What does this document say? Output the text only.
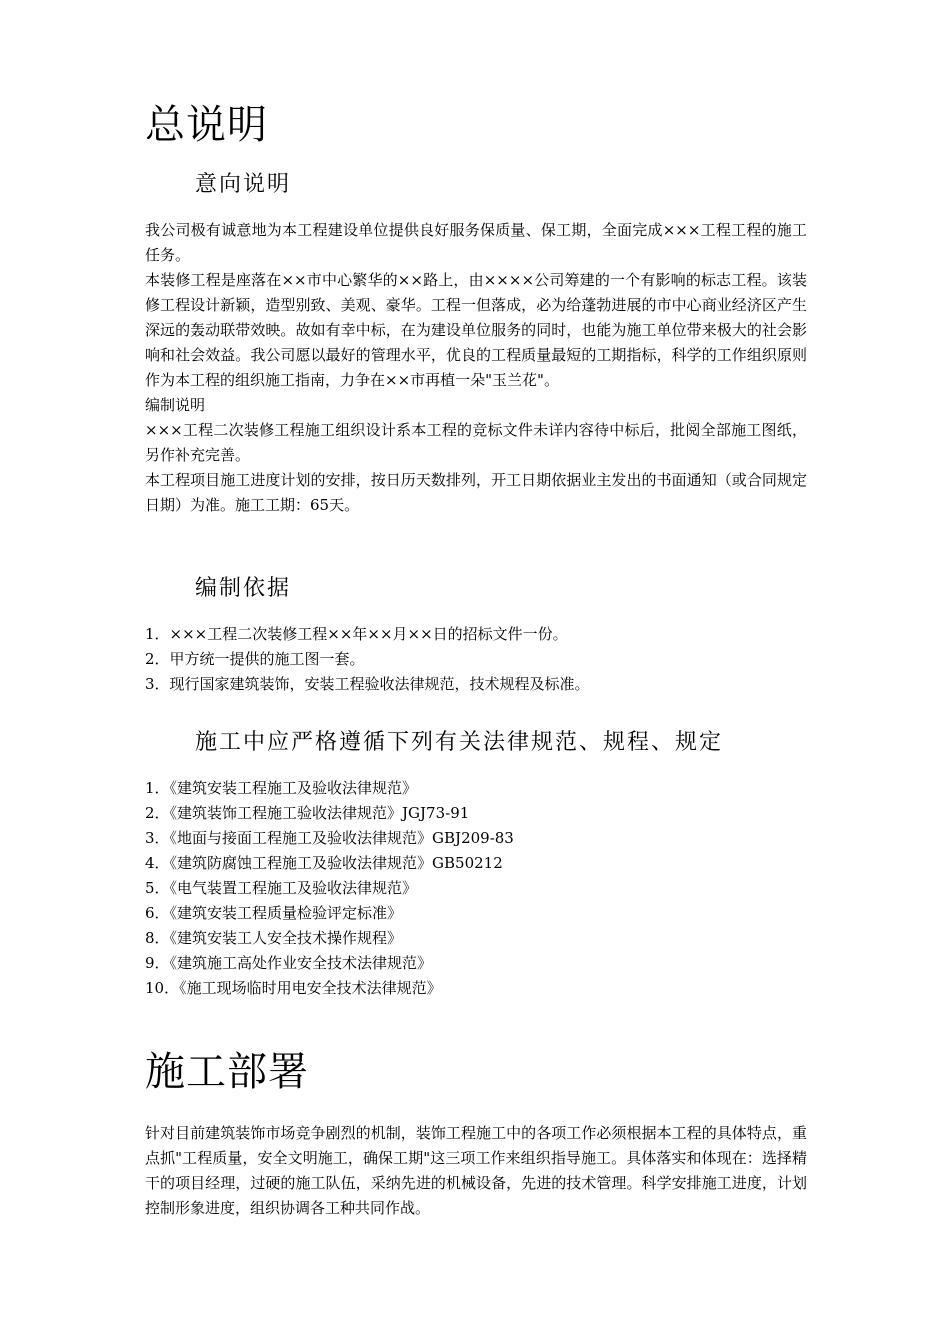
总说明
意向说明

我公司极有诚意地为本工程建设单位提供良好服务保质量、保工期，全面完成×××工程工程的施工任务。

本装修工程是座落在××市中心繁华的××路上，由××××公司筹建的一个有影响的标志工程。该装修工程设计新颖，造型别致、美观、豪华。工程一但落成，必为给蓬勃进展的市中心商业经济区产生深远的轰动联带效映。故如有幸中标，在为建设单位服务的同时，也能为施工单位带来极大的社会影响和社会效益。我公司愿以最好的管理水平，优良的工程质量最短的工期指标，科学的工作组织原则作为本工程的组织施工指南，力争在××市再植一朵"玉兰花"。

编制说明

×××工程二次装修工程施工组织设计系本工程的竞标文件未详内容待中标后，批阅全部施工图纸，另作补充完善。

本工程项目施工进度计划的安排，按日历天数排列，开工日期依据业主发出的书面通知（或合同规定日期）为准。施工工期：65天。

编制依据
1．×××工程二次装修工程××年××月××日的招标文件一份。
2．甲方统一提供的施工图一套。
3．现行国家建筑装饰，安装工程验收法律规范，技术规程及标准。
施工中应严格遵循下列有关法律规范、规程、规定
1．《建筑安装工程施工及验收法律规范》
2．《建筑装饰工程施工验收法律规范》JGJ73-91
3．《地面与接面工程施工及验收法律规范》GBJ209-83
4．《建筑防腐蚀工程施工及验收法律规范》GB50212
5．《电气装置工程施工及验收法律规范》
6．《建筑安装工程质量检验评定标准》
8．《建筑安装工人安全技术操作规程》
9．《建筑施工高处作业安全技术法律规范》
10．《施工现场临时用电安全技术法律规范》
施工部署

针对目前建筑装饰市场竞争剧烈的机制，装饰工程施工中的各项工作必须根据本工程的具体特点，重点抓"工程质量，安全文明施工，确保工期"这三项工作来组织指导施工。具体落实和体现在：选择精干的项目经理，过硬的施工队伍，采纳先进的机械设备，先进的技术管理。科学安排施工进度，计划控制形象进度，组织协调各工种共同作战。
